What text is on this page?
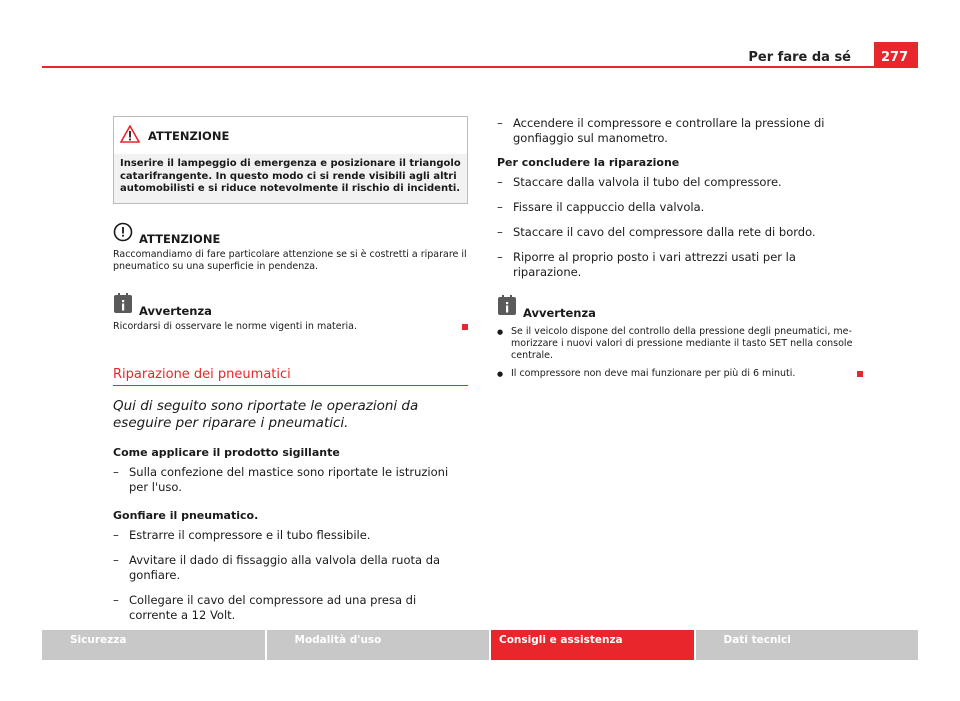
Per fare da sé	277
ATTENZIONE
Inserire il lampeggio di emergenza e posizionare il triangolo catarifrangente. In questo modo ci si rende visibili agli altri automobilisti e si riduce notevolmente il rischio di incidenti.
ATTENZIONE
Raccomandiamo di fare particolare attenzione se si è costretti a riparare il pneumatico su una superficie in pendenza.
Avvertenza
Ricordarsi di osservare le norme vigenti in materia.
Riparazione dei pneumatici
Qui di seguito sono riportate le operazioni da eseguire per riparare i pneumatici.
Come applicare il prodotto sigillante
– Sulla confezione del mastice sono riportate le istruzioni per l'uso.
Gonfiare il pneumatico.
– Estrarre il compressore e il tubo flessibile.
– Avvitare il dado di fissaggio alla valvola della ruota da gonfiare.
– Collegare il cavo del compressore ad una presa di corrente a 12 Volt.
– Accendere il compressore e controllare la pressione di gonfiaggio sul manometro.
Per concludere la riparazione
– Staccare dalla valvola il tubo del compressore.
– Fissare il cappuccio della valvola.
– Staccare il cavo del compressore dalla rete di bordo.
– Riporre al proprio posto i vari attrezzi usati per la riparazione.
Avvertenza
● Se il veicolo dispone del controllo della pressione degli pneumatici, memorizzare i nuovi valori di pressione mediante il tasto SET nella console centrale.
● Il compressore non deve mai funzionare per più di 6 minuti.
Sicurezza	Modalità d'uso	Consigli e assistenza	Dati tecnici
